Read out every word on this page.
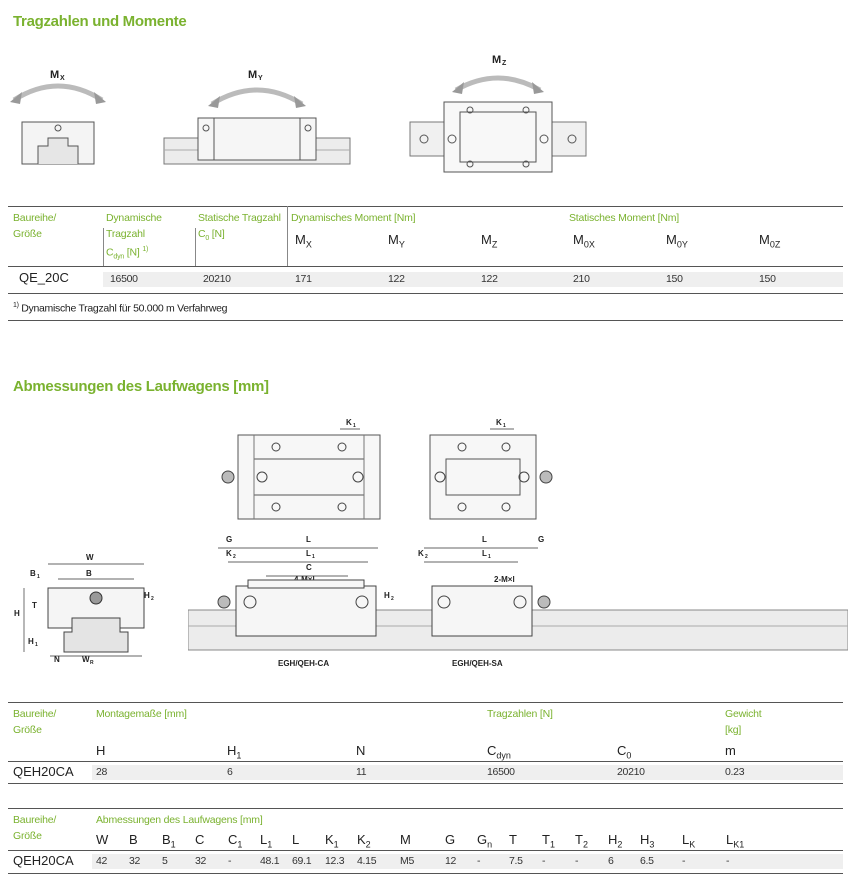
Tragzahlen und Momente
M X	M Y
M Z
Baureihe/
Größe
Dynamische
Tragzahl
$C_{dyn}$ [N] $^{1)}$
Statische Tragzahl
$C_0$ [N]
Dynamisches Moment [Nm]	Statisches Moment [Nm]
$M_X$	$M_Y$	$M_Z$	$M_{0X}$	$M_{0Y}$	$M_{0Z}$
QE_20C	16500	20210	171	122	122	210	150	150
$^{1)}$ Dynamische Tragzahl für 50.000 m Verfahrweg
Abmessungen des Laufwagens [mm]
W
B
B 1
H
T
H 1
H 2
N	W R
K 1	K 1
G
K 2
L
L 1
C
H 2
K 2
L
L 1
2-M×l
G
EGH/QEH-CA	EGH/QEH-SA
Baureihe/
Größe
Montagemaße [mm]	Tragzahlen [N]	Gewicht
[kg]
H	$H_1$	N	$C_{dyn}$	$C_0$	m
QEH20CA 28	6	11	16500	20210	0.23
Baureihe/
Größe
Abmessungen des Laufwagens [mm]
W B $B_1$ C $C_1$ $L_1$ L $K_1$ $K_2$ M	G $G_n$ T $T_1$ $T_2$ $H_2$ $H_3$ $L_K$ $L_{K1}$
QEH20CA 42 32 5	32 -	48.1 69.1 12.3 4.15 M5	12 -	7.5 -	-	6	6.5	-	-
